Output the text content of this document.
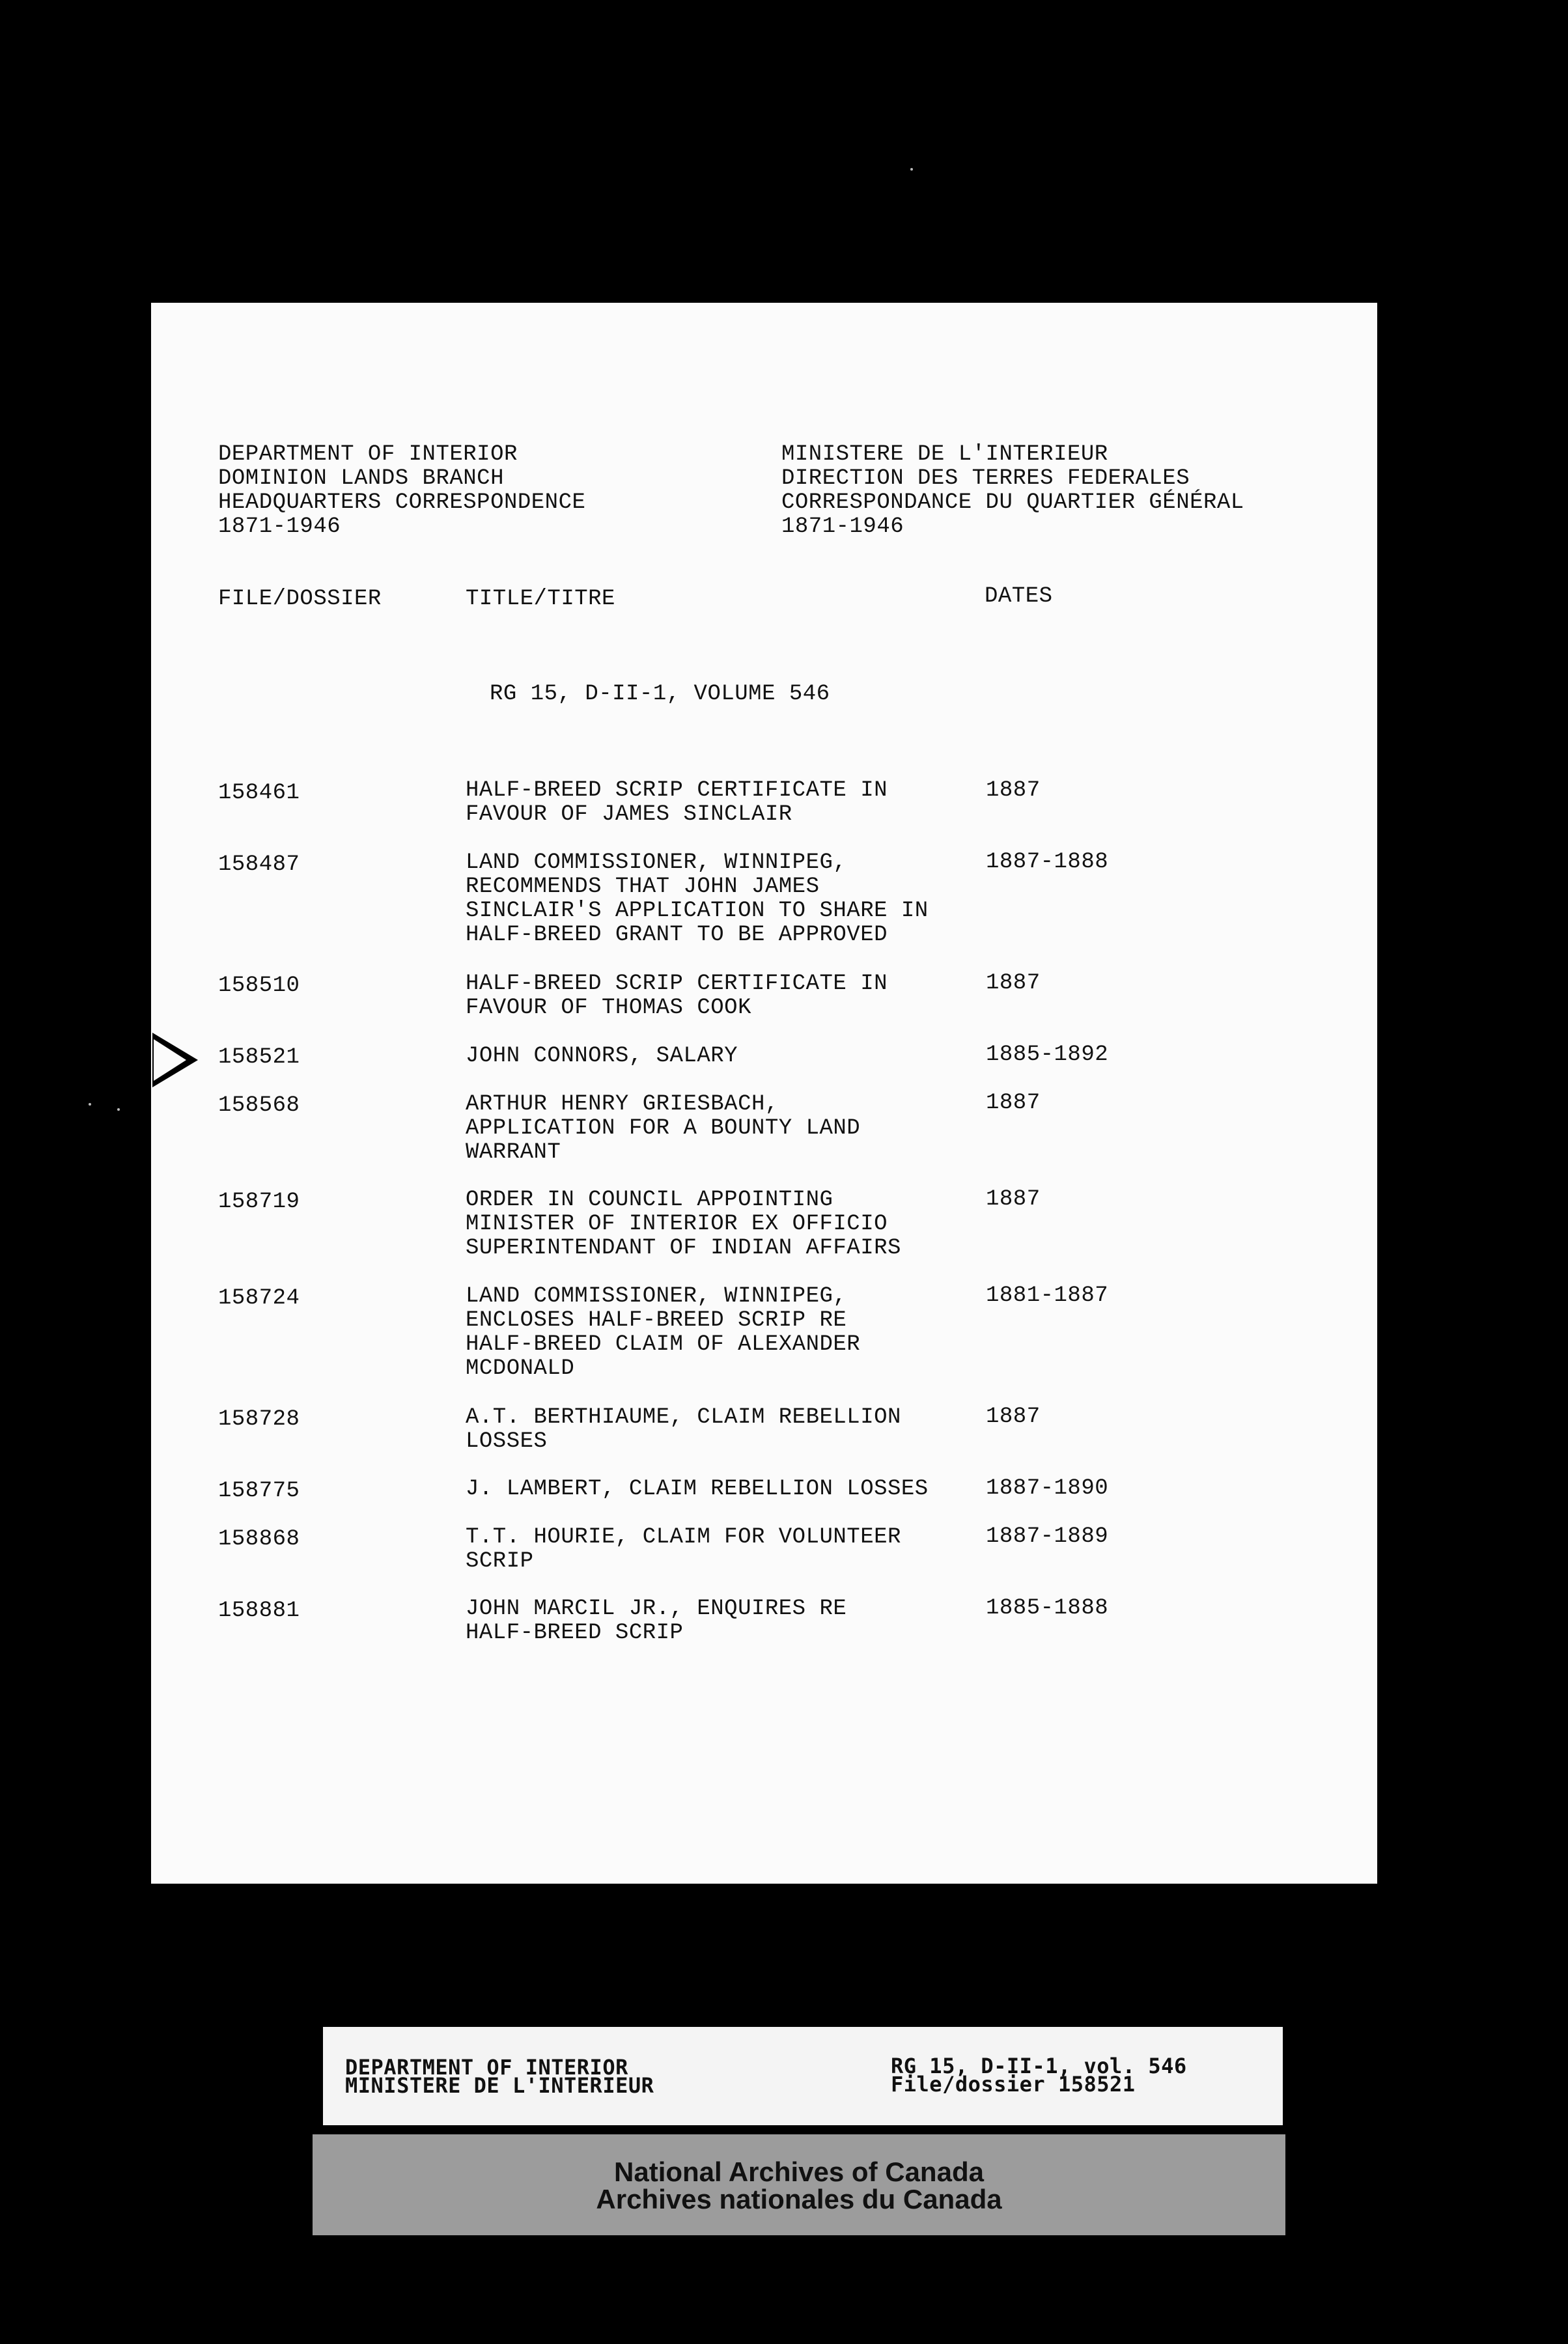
DEPARTMENT OF INTERIOR
DOMINION LANDS BRANCH
HEADQUARTERS CORRESPONDENCE
1871-1946
MINISTERE DE L'INTERIEUR
DIRECTION DES TERRES FEDERALES
CORRESPONDANCE DU QUARTIER GÉNÉRAL
1871-1946
FILE/DOSSIER	TITLE/TITRE	DATES
RG 15, D-II-1, VOLUME 546
158461	HALF-BREED SCRIP CERTIFICATE IN
FAVOUR OF JAMES SINCLAIR
1887
158487	LAND COMMISSIONER, WINNIPEG,
RECOMMENDS THAT JOHN JAMES
SINCLAIR'S APPLICATION TO SHARE IN
HALF-BREED GRANT TO BE APPROVED
1887-1888
158510	HALF-BREED SCRIP CERTIFICATE IN
FAVOUR OF THOMAS COOK
1887
158521	JOHN CONNORS, SALARY	1885-1892
158568	ARTHUR HENRY GRIESBACH,
APPLICATION FOR A BOUNTY LAND
WARRANT
1887
158719	ORDER IN COUNCIL APPOINTING
MINISTER OF INTERIOR EX OFFICIO
SUPERINTENDANT OF INDIAN AFFAIRS
1887
158724	LAND COMMISSIONER, WINNIPEG,
ENCLOSES HALF-BREED SCRIP RE
HALF-BREED CLAIM OF ALEXANDER
MCDONALD
1881-1887
158728	A.T. BERTHIAUME, CLAIM REBELLION
LOSSES
1887
158775	J. LAMBERT, CLAIM REBELLION LOSSES	1887-1890
158868	T.T. HOURIE, CLAIM FOR VOLUNTEER
SCRIP
1887-1889
158881	JOHN MARCIL JR., ENQUIRES RE
HALF-BREED SCRIP
1885-1888
DEPARTMENT OF INTERIOR
MINISTERE DE L'INTERIEUR
RG 15, D-II-1, vol. 546
File/dossier 158521
National Archives of Canada
Archives nationales du Canada
